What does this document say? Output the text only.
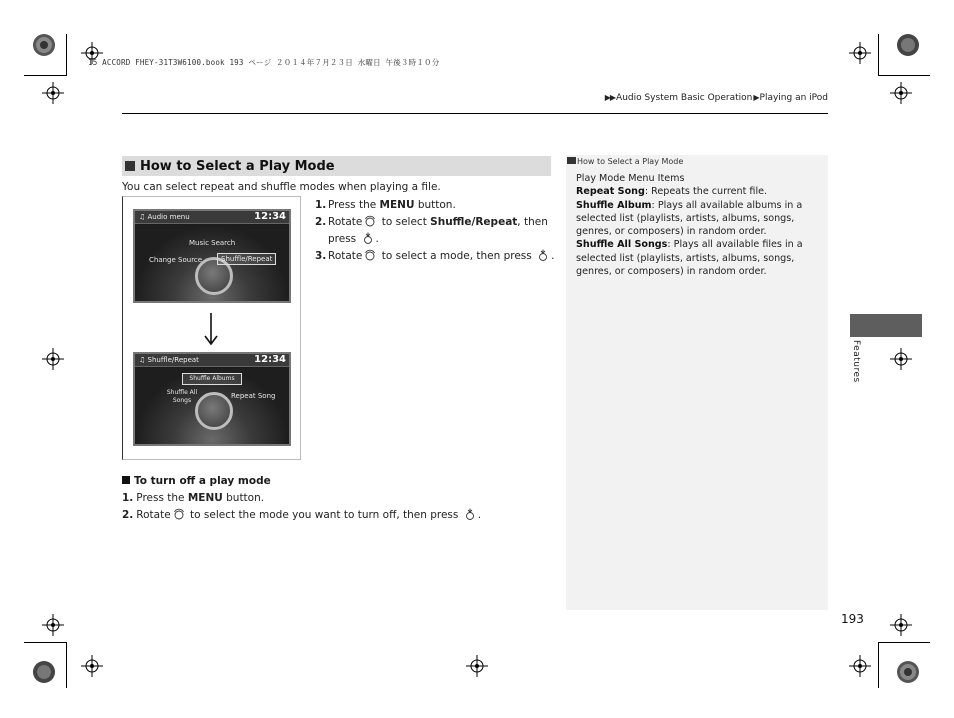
15 ACCORD FHEY-31T3W6100.book 193 ページ ２０１４年７月２３日 水曜日 午後３時１０分
▶▶Audio System Basic Operation▶Playing an iPod
How to Select a Play Mode
You can select repeat and shuffle modes when playing a file.
♫ Audio menu	12:34
Music Search
Change Source	Shuffle/Repeat
♫ Shuffle/Repeat	12:34
Shuffle Albums
Shuffle All Songs
Repeat Song
1. Press the MENU button.
2. Rotate to select Shuffle/Repeat, then press .
3. Rotate to select a mode, then press .
To turn off a play mode
1. Press the MENU button.
2. Rotate to select the mode you want to turn off, then press .
How to Select a Play Mode
Play Mode Menu Items
Repeat Song: Repeats the current file.
Shuffle Album: Plays all available albums in a selected list (playlists, artists, albums, songs, genres, or composers) in random order.
Shuffle All Songs: Plays all available files in a selected list (playlists, artists, albums, songs, genres, or composers) in random order.
193
Features
